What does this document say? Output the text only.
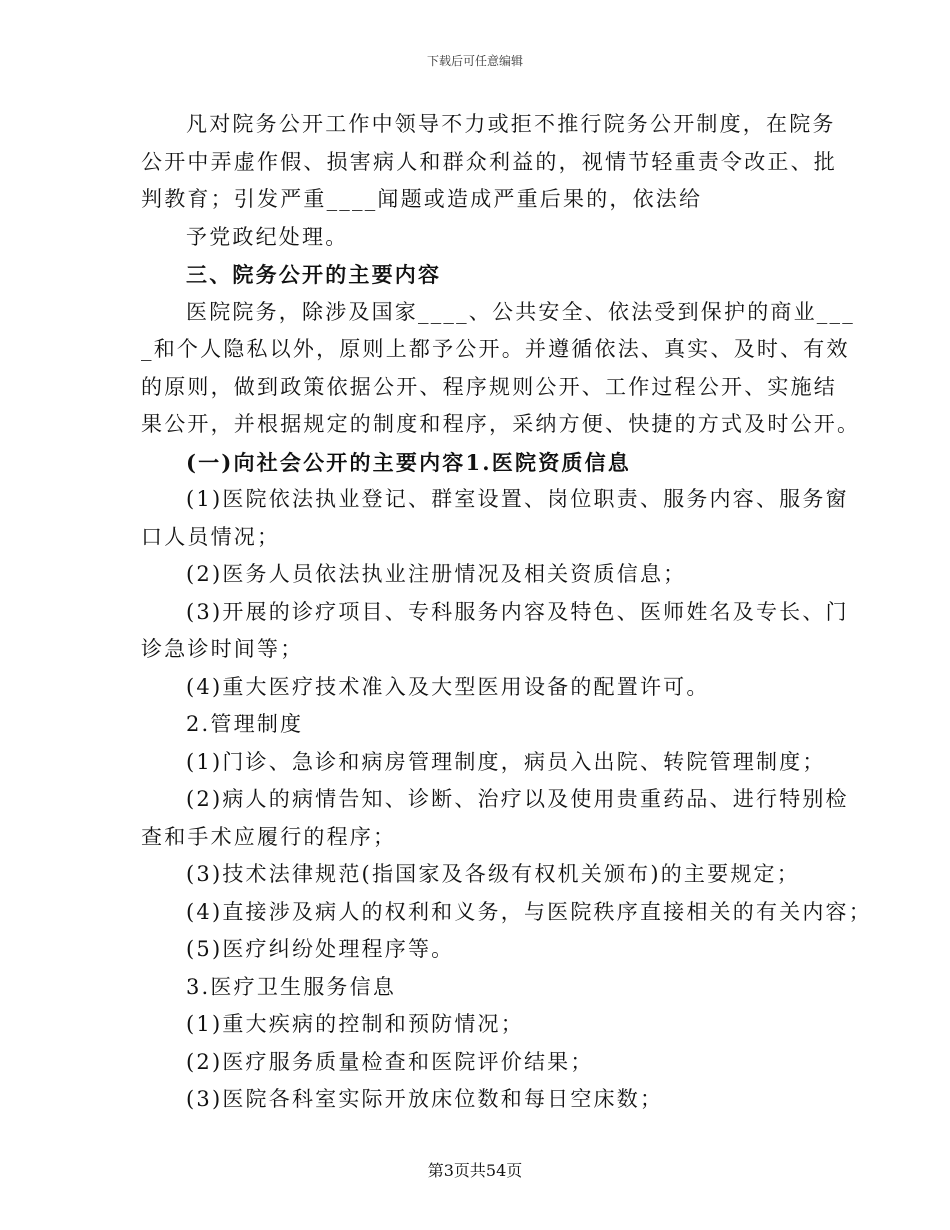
下载后可任意编辑
凡对院务公开工作中领导不力或拒不推行院务公开制度，在院务
公开中弄虚作假、损害病人和群众利益的，视情节轻重责令改正、批
判教育；引发严重____闻题或造成严重后果的，依法给
予党政纪处理。
三、院务公开的主要内容
医院院务，除涉及国家____、公共安全、依法受到保护的商业___
_和个人隐私以外，原则上都予公开。并遵循依法、真实、及时、有效
的原则，做到政策依据公开、程序规则公开、工作过程公开、实施结
果公开，并根据规定的制度和程序，采纳方便、快捷的方式及时公开。
(一)向社会公开的主要内容1.医院资质信息
(1)医院依法执业登记、群室设置、岗位职责、服务内容、服务窗
口人员情况；
(2)医务人员依法执业注册情况及相关资质信息；
(3)开展的诊疗项目、专科服务内容及特色、医师姓名及专长、门
诊急诊时间等；
(4)重大医疗技术准入及大型医用设备的配置许可。
2.管理制度
(1)门诊、急诊和病房管理制度，病员入出院、转院管理制度；
(2)病人的病情告知、诊断、治疗以及使用贵重药品、进行特别检
查和手术应履行的程序；
(3)技术法律规范(指国家及各级有权机关颁布)的主要规定；
(4)直接涉及病人的权利和义务，与医院秩序直接相关的有关内容；
(5)医疗纠纷处理程序等。
3.医疗卫生服务信息
(1)重大疾病的控制和预防情况；
(2)医疗服务质量检查和医院评价结果；
(3)医院各科室实际开放床位数和每日空床数；
第3页共54页
